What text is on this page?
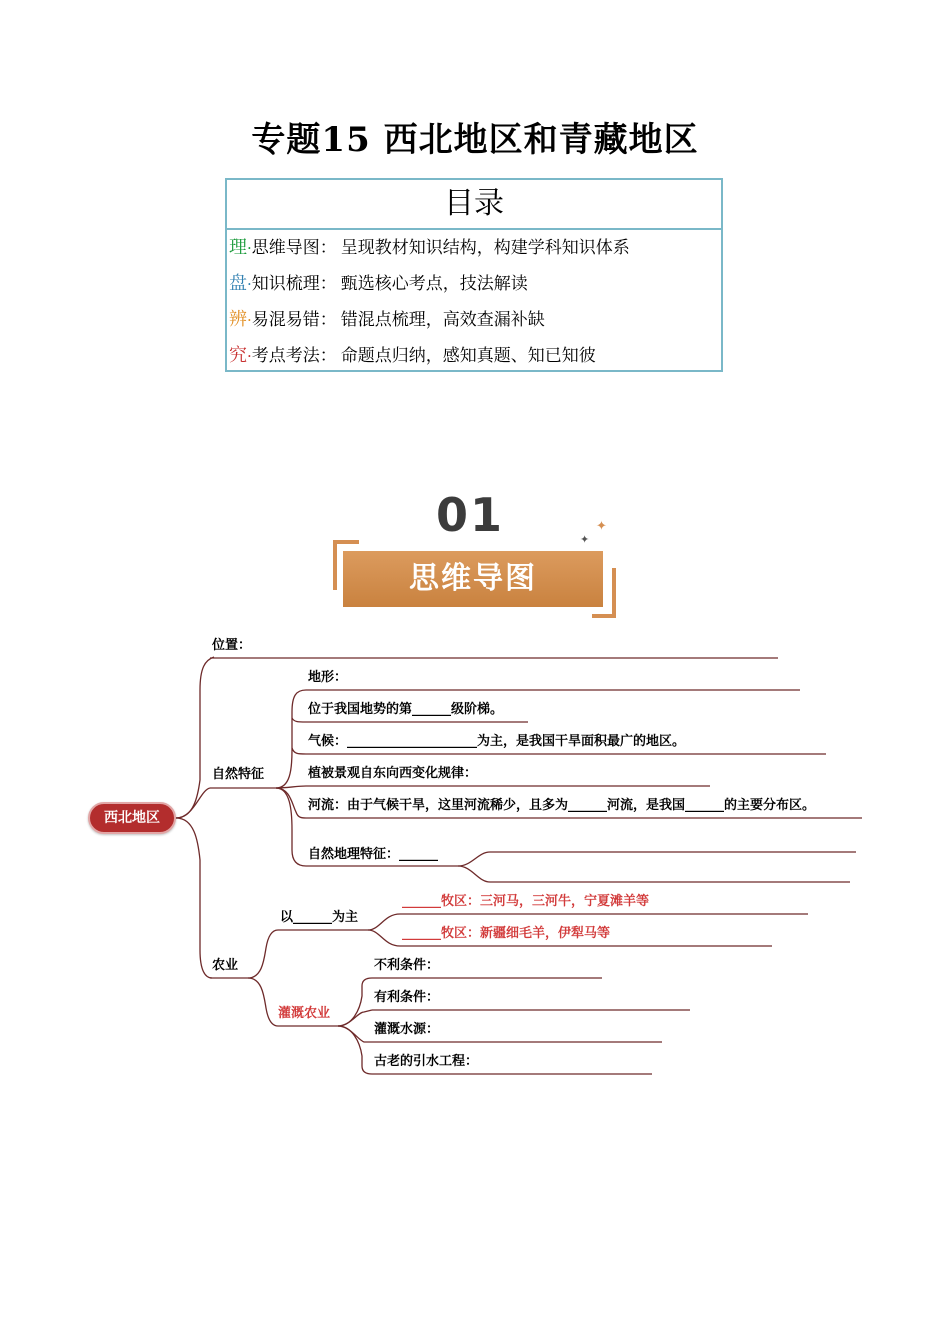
专题15 西北地区和青藏地区
目录
理·思维导图： 呈现教材知识结构，构建学科知识体系
盘·知识梳理： 甄选核心考点，技法解读
辨·易混易错： 错混点梳理，高效查漏补缺
究·考点考法： 命题点归纳，感知真题、知已知彼
01
思维导图
✦
✦
西北地区
位置：
自然特征
地形：
位于我国地势的第______级阶梯。
气候：____________________为主，是我国干旱面积最广的地区。
植被景观自东向西变化规律：
河流：由于气候干旱，这里河流稀少，且多为______河流，是我国______的主要分布区。
自然地理特征：______
农业
以______为主
______牧区：三河马，三河牛，宁夏滩羊等
______牧区：新疆细毛羊，伊犁马等
灌溉农业
不利条件：
有利条件：
灌溉水源：
古老的引水工程：
